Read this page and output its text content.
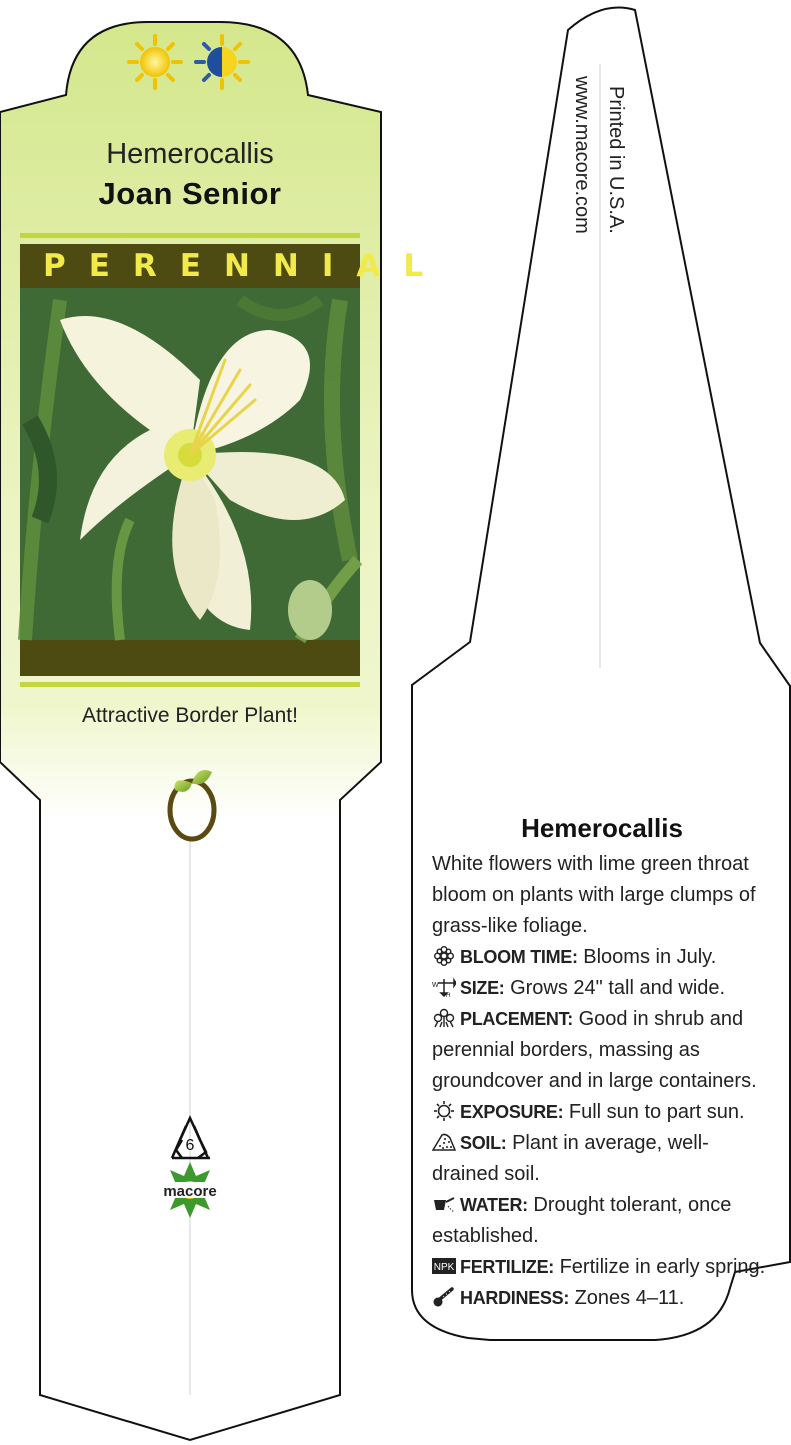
6
macore
Hemerocallis
Joan Senior
PERENNIAL
Attractive Border Plant!
Printed in U.S.A.
www.macore.com
Hemerocallis

White flowers with lime green throat bloom on plants with large clumps of grass-like foliage.

BLOOM TIME: Blooms in July.

W
H SIZE: Grows 24" tall and wide.

PLACEMENT: Good in shrub and perennial borders, massing as groundcover and in large containers.

EXPOSURE: Full sun to part sun.

SOIL: Plant in average, well-drained soil.

WATER: Drought tolerant, once established.

NPK FERTILIZE: Fertilize in early spring.

HARDINESS: Zones 4–11.
